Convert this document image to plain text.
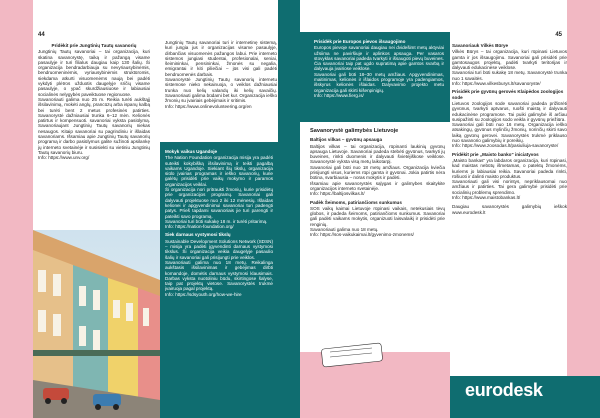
44
Pridėkit prie Jungtinių Tautų savanorių

Jungtinių Tautų savanoriai – tai organizacija, kuri skatina savanorystę, taiką ir pažangą visame pasaulyje ir turi filialus daugiau kaip 130 šalių. Ši organizacija bendradarbiauja su nevyriausybinėmis, bendruomeninėmis, vyriausybinėmis struktūromis, siekdama atkurti visuomenėms naują bei padėti vykdyti plėtros užduotis daugelyje sričių visame pasaulyje, o ypač skurdžiausiuose ir labiausiai socialinės nelygybės paveiktuose regionuose.

Savanoriauti galima nuo 25 m. Reikia turėti aukštąjį išsilavinimą, mokėti anglų, prancūzų arba ispanų kalbą bei turėti bent 2 metus profesinės patirties. Savanorystė dažniausiai trunka 6–12 mėn. Kelionės patirtus ir kompensuoti. savanoriai vyksta pasiūlymą. Savanoriaujant Jungtinių Tautų savanorių niekas nesaugos. Kitaip savanoriai su pagrindiniu ir išlaidas savanoriams. Išsamiau apie Jungtinių Tautų savanorių programą ir darbo pasiūlymus galite sužinoti apsilankę jų interneto svetainėje ir susisiekti su vietiniu Jungtinių Tautų savanorių biuru.

Info: https://www.unv.org/

Jungtinių Tautų savanoriai turi ir internetinę sistemą, kuri jungia jus ir organizacijas visame pasaulyje, dirbančias visuomenės pažangos labui. Prie interneto sistemos jungiasi studentai, profesionalai, seniai, šeimininkai, pensininkai, žmonės su negalia, emigrantai ir kiti piliečiai – jūs visi gali padėti bendruomenės darbais.

Savanorystė Jungtinių Tautų savanorių internetu sistemose nieko nekainuoja, o veiklos dažniausiai trunka nuo kelių valandų iki kelių savaičių. Savanoriauti galima būdami bet kur. Organizacija ieško žmonių su įvairiais gebėjimais ir sritimis.

Info: https://www.onlinevolunteering.org/en
Mokyk vaikus Ugandoje

The Nation Foundation organizacija misija yra padėti suteikti kokybišką išsilavinimą ir teikti pagalbą vaikams Ugandoje. Siekiant šių tikslų, organizacija siūlo įvairias programas ir ieško savanorių, kurie galėtų prisidėti prie vaikų mokymo ir paramos organizacijos veiklai.

Ši organizacija nori pritraukti žmonių, kurie prisidėtų prie organizacijos programų. Savanoriai gali dalyvauti projektuose nuo 2 iki 12 mėnesių. Išlaidas kelionei ir apgyvendinimui savanoriai turi padengti patys. Prieš tapdami savanoriais jie turi parengti ir pateikti savo programą.

Savanoriai turi būti sukakę 18 m. ir turėti pritarimą.

Info: https://nation-foundation.org/
Siek darnaus vystymosi tikslų

Sustainable Development Solutions Network (SDSN) – misija yra padėti įgyvendinti darnaus vystymosi tikslus. Ši organizacija veikia daugelyje pasaulio šalių ir savanoriai gali prisijungti prie veiklos.

Savanoriauti galima nuo 18 metų. Reikalinga aukštasis išsilavinimas ir gebėjimas dirbti komandoje, domėtis darnaus vystymosi klausimais. Darbas vyksta nuotoliniu būdu, skirtingose šalyse, taip pat projektų vietose. Savanorystės trukmė įvairuoja pagal projektą.

Info: https://sdsyouth.org/how-we-hire
45
Prisidėk prie Europos pievos išsaugojimo

Europos pievoje savanoriai daugiau nei dvidešimt metų aktyviai užsiima ne paviršiuje ir aplinkos apsauga. Per vasaros stovyklas savanoriai padeda tvarkyti ir išsaugoti pievų buveines. Čia savanoriai taip pat ugdo supratimą apie gamtos svarbą ir dalyvauja įvairiose veiklose.

Savanoriai gali būti 18–30 metų amžiaus. Apgyvendinimas, maitinimas, kelionės ir išlaidos programoje yra padengiamos, išskyrus kelionės išlaidas. Dalyvavimo projekto metu organizacija gali skirti kišenpinigių.

Info: https://www.fierg.is/
Savanorystė galimybės Lietuvoje
Baltijos vilkas – gyvūnų apsauga

Baltijos vilkas – tai organizacija, rūpinanti laukinių gyvūnų apsauga Lietuvoje. Savanoriai padeda stebėti gyvūnus, tvarkyti jų buveines, rinkti duomenis ir dalyvauti švietėjiškose veiklose. Savanorystė vyksta visą metų laikotarpį.

Savanoriai gali būti nuo 18 metų amžiaus. Organizacija kviečia prisijungti visus, kuriems rūpi gamta ir gyvūnai. Jokia patirtis nėra būtina, svarbiausia – noras mokytis ir padėti.

Išsamiau apie savanorystės sąlygas ir galimybes skaitykite organizacijos interneto svetainėje.

Info: https://baltijosvilkas.lt/
Padėk Šeimoms, patiriančioms sunkumus

SOS vaikų kaimai Lietuvoje rūpinasi vaikais, netekusiais tėvų globos, ir padeda šeimoms, patiriančioms sunkumus. Savanoriai gali padėti vaikams mokytis, organizuoti laisvalaikį ir prisidėti prie renginių.

Savanoriauti galima nuo 18 metų.

Info: https://sos-vaikukaimai.lt/gyvenimo-zmonems/
Savanoriauk Vilkės Būrye

Vilkės Būrys – tai organizacija, kuri rūpinasi Lietuvos gamta ir jos išsaugojimu. Savanoriai gali prisidėti prie gamtosaugos projektų, padėti tvarkyti teritorijas ir dalyvauti edukacinėse veiklose.

Savanoriai turi būti sukakę 18 metų. Savanorystė trunka nuo 1 savaitės.

Info: https://www.vilkesburys.lt/savanoryste/
Prisidėk prie gyvūnų gerovės Klaipėdos zoologijos sode

Lietuvos zoologijos sode savanoriai padeda prižiūrėti gyvūnus, tvarkyti aptvarus, ruošti maistą ir dalyvauti edukacinėse programose. Tai puiki galimybė iš arčiau susipažinti su zoologijos sodo veikla ir gyvūnų priežiūra.

Savanoriai gali būti nuo 16 metų. Organizacija ieško atsakingų, gyvūnus mylinčių žmonių, norinčių skirti savo laiką gyvūnų gerovei. Savanorystės trukmė priklauso nuo savanorio galimybių ir poreikių.

Info: https://www.zoosodas.lt/pasiuliuja-savanoryste/
Pridėkit prie „Maisto banko" iniciatyvos

„Maisto bankas" yra labdaros organizacija, kuri rūpinasi, kad maistas nebūtų išmetamas, o patektų žmonėms, kuriems jo labiausiai reikia. Savanoriai padeda rinkti, rūšiuoti ir dalinti maisto produktus.

Savanoriauti gali visi norintys, nepriklausomai nuo amžiaus ir patirties. Tai gera galimybė prisidėti prie socialinių problemų sprendimo.

Info: https://www.maistobankas.lt/

Daugiau savanorystės galimybių ieškok www.eurodesk.lt

eurodesk
